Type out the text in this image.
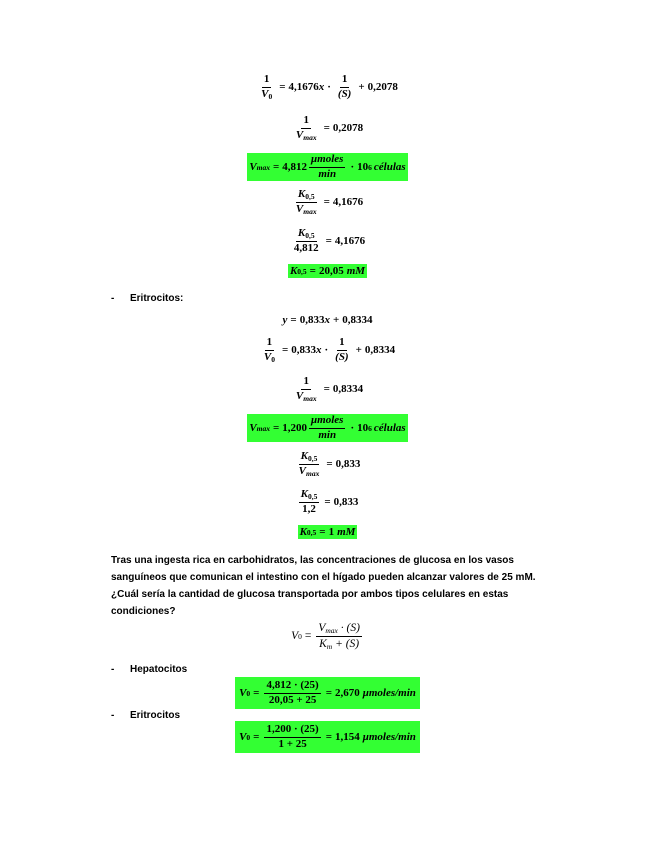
$\frac{1}{V_0} = 4,1676$ $x \cdot \frac{1}{(S)} + 0,2078$
$\frac{1}{V_{max}} = 0,2078$
V $\max = 4,812 \frac{\text{μmoles}}{\min} \cdot 10$ 6 células
$\frac{K_{0,5}}{V_{max}} = 4,1676$
$\frac{K_{0,5}}{4,812} = 4,1676$
K 0,5 = 20,05 mM
- Eritrocitos:
y = 0,833 x + 0,8334
$\frac{1}{V_0} = 0,833$ $x \cdot \frac{1}{(S)} + 0,8334$
$\frac{1}{V_{max}} = 0,8334$
V $\max = 1,200 \frac{\text{μmoles}}{\min} \cdot 10$ 6 células
$\frac{K_{0,5}}{V_{max}} = 0,833$
$\frac{K_{0,5}}{1,2} = 0,833$
K 0,5 = 1 mM
Tras una ingesta rica en carbohidratos, las concentraciones de glucosa en los vasos sanguíneos que comunican el intestino con el hígado pueden alcanzar valores de 25 mM. ¿Cuál sería la cantidad de glucosa transportada por ambos tipos celulares en estas condiciones?
V $0 = \frac{V_{max} \cdot (S)}{K_m + (S)}$
- Hepatocitos
V $0 = \frac{4,812 \cdot (25)}{20,05 + 25} = 2,670$ μmoles/min
- Eritrocitos
V $0 = \frac{1,200 \cdot (25)}{1 + 25} = 1,154$ μmoles/min
